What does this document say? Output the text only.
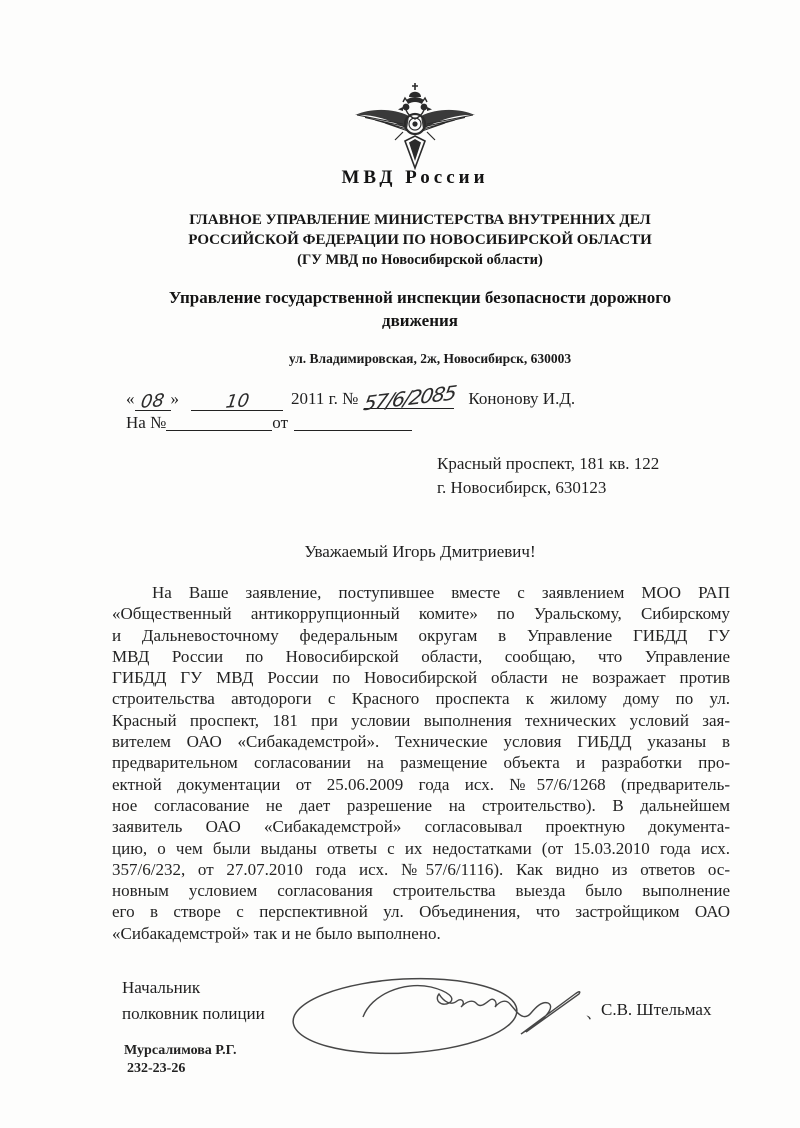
МВД России
ГЛАВНОЕ УПРАВЛЕНИЕ МИНИСТЕРСТВА ВНУТРЕННИХ ДЕЛ
РОССИЙСКОЙ ФЕДЕРАЦИИ ПО НОВОСИБИРСКОЙ ОБЛАСТИ
(ГУ МВД по Новосибирской области)
Управление государственной инспекции безопасности дорожного
движения
ул. Владимировская, 2ж, Новосибирск, 630003
« 08 » 10 2011 г. № 57/6/2085 Кононову И.Д.
На №	от
Красный проспект, 181 кв. 122
г. Новосибирск, 630123
Уважаемый Игорь Дмитриевич!
На Ваше заявление, поступившее вместе с заявлением МОО РАП
«Общественный антикоррупционный комите» по Уральскому, Сибирскому
и Дальневосточному федеральным округам в Управление ГИБДД ГУ
МВД России по Новосибирской области, сообщаю, что Управление
ГИБДД ГУ МВД России по Новосибирской области не возражает против
строительства автодороги с Красного проспекта к жилому дому по ул.
Красный проспект, 181 при условии выполнения технических условий зая-
вителем ОАО «Сибакадемстрой». Технические условия ГИБДД указаны в
предварительном согласовании на размещение объекта и разработки про-
ектной документации от 25.06.2009 года исх. №57/6/1268 (предваритель-
ное согласование не дает разрешение на строительство). В дальнейшем
заявитель ОАО «Сибакадемстрой» согласовывал проектную документа-
цию, о чем были выданы ответы с их недостатками (от 15.03.2010 года исх.
357/6/232, от 27.07.2010 года исх. №57/6/1116). Как видно из ответов ос-
новным условием согласования строительства выезда было выполнение
его в створе с перспективной ул. Объединения, что застройщиком ОАО
«Сибакадемстрой» так и не было выполнено.
Начальник
полковник полиции	、
С.В. Штельмах
Мурсалимова Р.Г.
232-23-26
